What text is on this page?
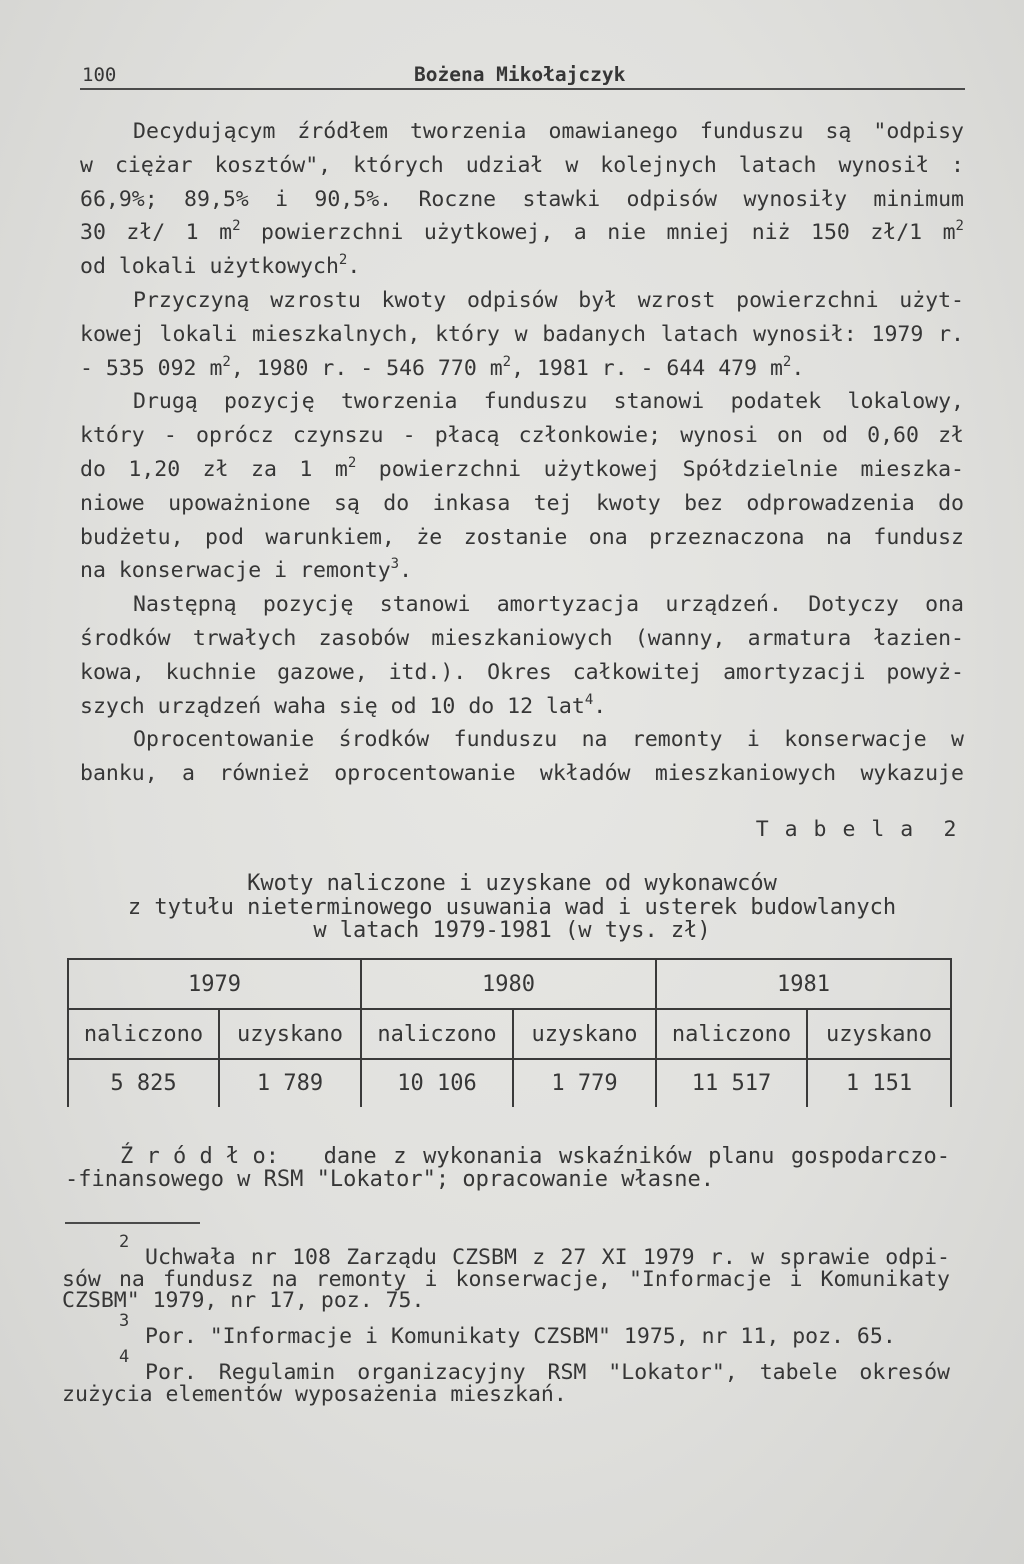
100	Bożena Mikołajczyk
Decydującym źródłem tworzenia omawianego funduszu są "odpisy
w ciężar kosztów", których udział w kolejnych latach wynosił :
66,9%; 89,5% i 90,5%. Roczne stawki odpisów wynosiły minimum
30 zł/ 1 $m^2$ powierzchni użytkowej, a nie mniej niż 150 zł/1 $m^2$
od lokali użytkowych$^2$.
Przyczyną wzrostu kwoty odpisów był wzrost powierzchni użyt-
kowej lokali mieszkalnych, który w badanych latach wynosił: 1979 r.
- 535 092 $m^2$, 1980 r. - 546 770 $m^2$, 1981 r. - 644 479 $m^2$.
Drugą pozycję tworzenia funduszu stanowi podatek lokalowy,
który - oprócz czynszu - płacą członkowie; wynosi on od 0,60 zł
do 1,20 zł za 1 $m^2$ powierzchni użytkowej Spółdzielnie mieszka-
niowe upoważnione są do inkasa tej kwoty bez odprowadzenia do
budżetu, pod warunkiem, że zostanie ona przeznaczona na fundusz
na konserwacje i remonty$^3$.
Następną pozycję stanowi amortyzacja urządzeń. Dotyczy ona
środków trwałych zasobów mieszkaniowych (wanny, armatura łazien-
kowa, kuchnie gazowe, itd.). Okres całkowitej amortyzacji powyż-
szych urządzeń waha się od 10 do 12 lat$^4$.
Oprocentowanie środków funduszu na remonty i konserwacje w
banku, a również oprocentowanie wkładów mieszkaniowych wykazuje
T a b e l a  2
Kwoty naliczone i uzyskane od wykonawców
z tytułu nieterminowego usuwania wad i usterek budowlanych
w latach 1979-1981 (w tys. zł)
1979		1980		1981	
naliczono	uzyskano	naliczono	uzyskano	naliczono	uzyskano
5 825	1 789	10 106	1 779	11 517	1 151
Ź r ó d ł o: dane z wykonania wskaźników planu gospodarczo-
-finansowego w RSM "Lokator"; opracowanie własne.
2
Uchwała nr 108 Zarządu CZSBM z 27 XI 1979 r. w sprawie odpi-
sów na fundusz na remonty i konserwacje, "Informacje i Komunikaty
CZSBM" 1979, nr 17, poz. 75.
3
Por. "Informacje i Komunikaty CZSBM" 1975, nr 11, poz. 65.
4
Por. Regulamin organizacyjny RSM "Lokator", tabele okresów
zużycia elementów wyposażenia mieszkań.
